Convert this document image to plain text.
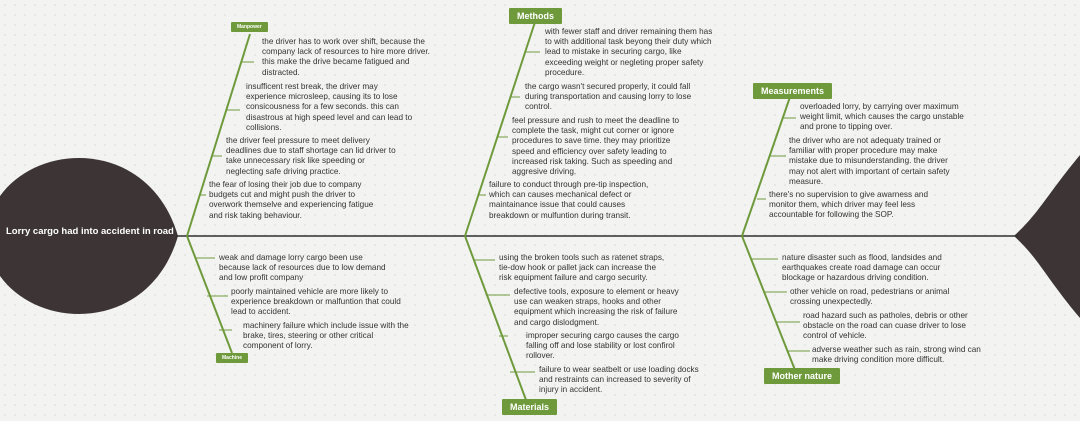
Lorry cargo had into accident in road
Manpower
Methods
Measurements
Machine
Materials
Mother nature
the driver has to work over shift, because the
company lack of resources to hire more driver.
this make the drive became fatigued and
distracted.
insufficent rest break, the driver may
experience microsleep, causing its to lose
consicousness for a few seconds. this can
disastrous at high speed level and can lead to
collisions.
the driver feel pressure to meet delivery
deadlines due to staff shortage can lid driver to
take unnecessary risk like speeding or
neglecting safe driving practice.
the fear of losing their job due to company
budgets cut and might push the driver to
overwork themselve and experiencing fatigue
and risk taking behaviour.
with fewer staff and driver remaining them has
to with additional task beyong their duty which
lead to mistake in securing cargo, like
exceeding weight or negleting proper safety
procedure.
the cargo wasn't secured properly, it could fall
during transportation and causing lorry to lose
control.
feel pressure and rush to meet the deadline to
complete the task, might cut corner or ignore
procedures to save time. they may prioritize
speed and efficiency over safety leading to
increased risk taking. Such as speeding and
aggresive driving.
failure to conduct through pre-tip inspection,
which can causes mechanical defect or
maintainance issue that could causes
breakdown or mulfuntion during transit.
overloaded lorry, by carrying over maximum
weight limit, which causes the cargo unstable
and prone to tipping over.
the driver who are not adequaty trained or
familiar with proper procedure may make
mistake due to misunderstanding. the driver
may not alert with important of certain safety
measure.
there's no supervision to give awarness and
monitor them, which driver may feel less
accountable for following the SOP.
weak and damage lorry cargo been use
because lack of resources due to low demand
and low profit company
poorly maintained vehicle are more likely to
experience breakdown or malfuntion that could
lead to accident.
machinery failure which include issue with the
brake, tires, steering or other critical
component of lorry.
using the broken tools such as ratenet straps,
tie-dow hook or pallet jack can increase the
risk equipment failure and cargo security.
defective tools, exposure to element or heavy
use can weaken straps, hooks and other
equipment which increasing the risk of failure
and cargo dislodgment.
improper securing cargo causes the cargo
falling off and lose stability or lost confirol
rollover.
failure to wear seatbelt or use loading docks
and restraints can increased to severity of
injury in accident.
nature disaster such as flood, landsides and
earthquakes create road damage can occur
blockage or hazardous driving condition.
other vehicle on road, pedestrians or animal
crossing unexpectedly.
road hazard such as patholes, debris or other
obstacle on the road can cuase driver to lose
control of vehicle.
adverse weather such as rain, strong wind can
make driving condition more difficult.
